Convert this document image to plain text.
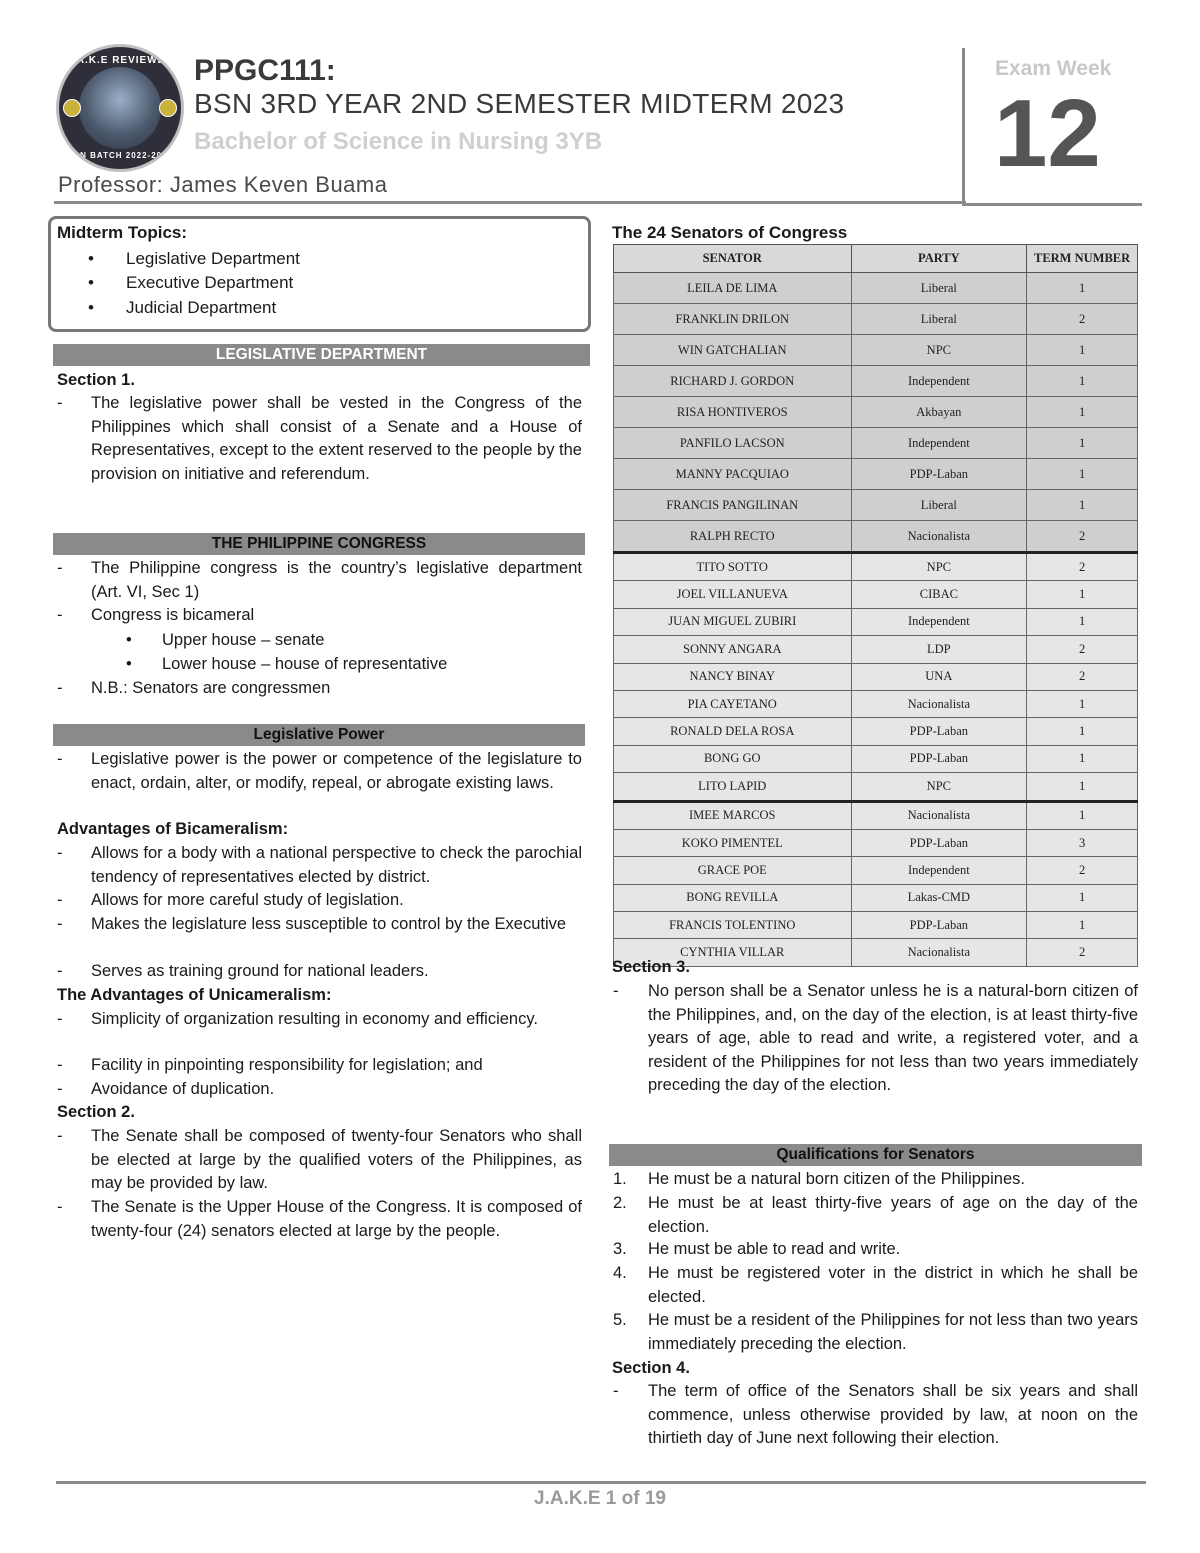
J.A.K.E REVIEWER
BSN BATCH 2022-2023
PPGC111:
BSN 3RD YEAR 2ND SEMESTER MIDTERM 2023
Bachelor of Science in Nursing 3YB
Professor: James Keven Buama
Exam Week
12
Midterm Topics:
• Legislative Department
• Executive Department
• Judicial Department
LEGISLATIVE DEPARTMENT
Section 1.
- The legislative power shall be vested in the Congress of the Philippines which shall consist of a Senate and a House of Representatives, except to the extent reserved to the people by the provision on initiative and referendum.
THE PHILIPPINE CONGRESS
- The Philippine congress is the country’s legislative department (Art. VI, Sec 1)
- Congress is bicameral
• Upper house – senate
• Lower house – house of representative
- N.B.: Senators are congressmen
Legislative Power
- Legislative power is the power or competence of the legislature to enact, ordain, alter, or modify, repeal, or abrogate existing laws.
Advantages of Bicameralism:
- Allows for a body with a national perspective to check the parochial tendency of representatives elected by district.
- Allows for more careful study of legislation.
- Makes the legislature less susceptible to control by the Executive
- Serves as training ground for national leaders.
The Advantages of Unicameralism:
- Simplicity of organization resulting in economy and efficiency.
- Facility in pinpointing responsibility for legislation; and
- Avoidance of duplication.
Section 2.
- The Senate shall be composed of twenty-four Senators who shall be elected at large by the qualified voters of the Philippines, as may be provided by law.
- The Senate is the Upper House of the Congress. It is composed of twenty-four (24) senators elected at large by the people.
The 24 Senators of Congress
SENATOR	PARTY	TERM NUMBER
LEILA DE LIMA	Liberal	1
FRANKLIN DRILON	Liberal	2
WIN GATCHALIAN	NPC	1
RICHARD J. GORDON	Independent	1
RISA HONTIVEROS	Akbayan	1
PANFILO LACSON	Independent	1
MANNY PACQUIAO	PDP-Laban	1
FRANCIS PANGILINAN	Liberal	1
RALPH RECTO	Nacionalista	2
TITO SOTTO	NPC	2
JOEL VILLANUEVA	CIBAC	1
JUAN MIGUEL ZUBIRI	Independent	1
SONNY ANGARA	LDP	2
NANCY BINAY	UNA	2
PIA CAYETANO	Nacionalista	1
RONALD DELA ROSA	PDP-Laban	1
BONG GO	PDP-Laban	1
LITO LAPID	NPC	1
IMEE MARCOS	Nacionalista	1
KOKO PIMENTEL	PDP-Laban	3
GRACE POE	Independent	2
BONG REVILLA	Lakas-CMD	1
FRANCIS TOLENTINO	PDP-Laban	1
CYNTHIA VILLAR	Nacionalista	2
Section 3.
- No person shall be a Senator unless he is a natural-born citizen of the Philippines, and, on the day of the election, is at least thirty-five years of age, able to read and write, a registered voter, and a resident of the Philippines for not less than two years immediately preceding the day of the election.
Qualifications for Senators
1. He must be a natural born citizen of the Philippines.
2. He must be at least thirty-five years of age on the day of the election.
3. He must be able to read and write.
4. He must be registered voter in the district in which he shall be elected.
5. He must be a resident of the Philippines for not less than two years immediately preceding the election.
Section 4.
- The term of office of the Senators shall be six years and shall commence, unless otherwise provided by law, at noon on the thirtieth day of June next following their election.
J.A.K.E 1 of 19
